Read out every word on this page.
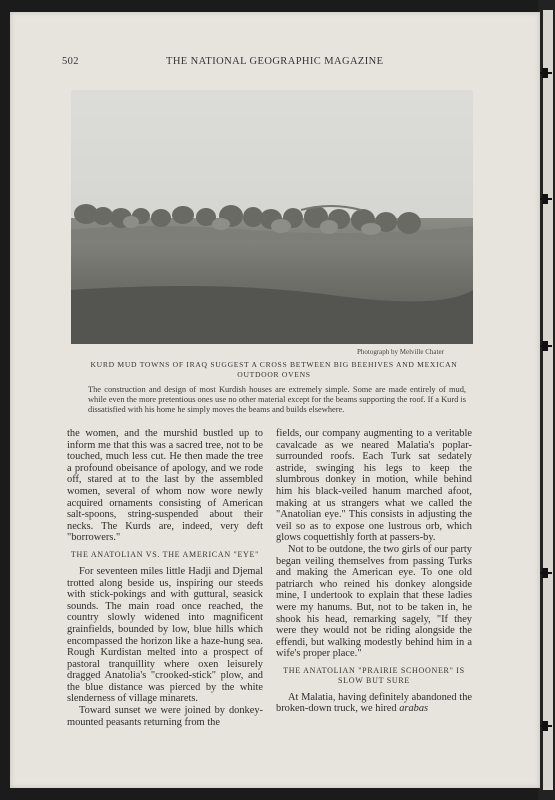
502	THE NATIONAL GEOGRAPHIC MAGAZINE
Photograph by Melville Chater
KURD MUD TOWNS OF IRAQ SUGGEST A CROSS BETWEEN BIG BEEHIVES AND MEXICAN OUTDOOR OVENS
The construction and design of most Kurdish houses are extremely simple. Some are made entirely of mud, while even the more pretentious ones use no other material except for the beams supporting the roof. If a Kurd is dissatisfied with his home he simply moves the beams and builds elsewhere.

the women, and the murshid bustled up to inform me that this was a sacred tree, not to be touched, much less cut. He then made the tree a profound obeisance of apology, and we rode off, stared at to the last by the assembled women, several of whom now wore newly acquired ornaments consisting of American salt-spoons, string-suspended about their necks. The Kurds are, indeed, very deft "borrowers."

THE ANATOLIAN VS. THE AMERICAN "EYE"

For seventeen miles little Hadji and Djemal trotted along beside us, inspiring our steeds with stick-pokings and with guttural, seasick sounds. The main road once reached, the country slowly widened into magnificent grainfields, bounded by low, blue hills which encompassed the horizon like a haze-hung sea. Rough Kurdistan melted into a prospect of pastoral tranquillity where oxen leisurely dragged Anatolia's "crooked-stick" plow, and the blue distance was pierced by the white slenderness of village minarets.

Toward sunset we were joined by donkey-mounted peasants returning from the

fields, our company augmenting to a veritable cavalcade as we neared Malatia's poplar-surrounded roofs. Each Turk sat sedately astride, swinging his legs to keep the slumbrous donkey in motion, while behind him his black-veiled hanum marched afoot, making at us strangers what we called the "Anatolian eye." This consists in adjusting the veil so as to expose one lustrous orb, which glows coquettishly forth at passers-by.

Not to be outdone, the two girls of our party began veiling themselves from passing Turks and making the American eye. To one old patriarch who reined his donkey alongside mine, I undertook to explain that these ladies were my hanums. But, not to be taken in, he shook his head, remarking sagely, "If they were they would not be riding alongside the effendi, but walking modestly behind him in a wife's proper place."

THE ANATOLIAN "PRAIRIE SCHOONER" IS SLOW BUT SURE

At Malatia, having definitely abandoned the broken-down truck, we hired arabas
